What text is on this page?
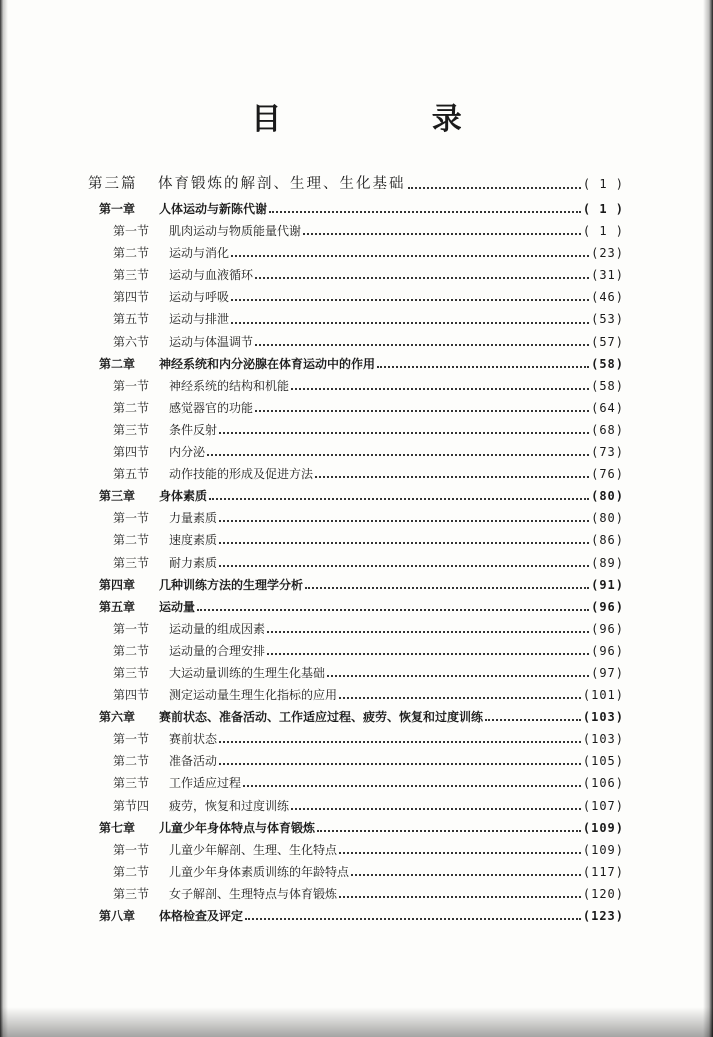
目 录
第三篇	体育锻炼的解剖、生理、生化基础	( 1 )
第一章	人体运动与新陈代谢	( 1 )
第一节	肌肉运动与物质能量代谢	( 1 )
第二节	运动与消化	(23)
第三节	运动与血液循环	(31)
第四节	运动与呼吸	(46)
第五节	运动与排泄	(53)
第六节	运动与体温调节	(57)
第二章	神经系统和内分泌腺在体育运动中的作用	(58)
第一节	神经系统的结构和机能	(58)
第二节	感觉器官的功能	(64)
第三节	条件反射	(68)
第四节	内分泌	(73)
第五节	动作技能的形成及促进方法	(76)
第三章	身体素质	(80)
第一节	力量素质	(80)
第二节	速度素质	(86)
第三节	耐力素质	(89)
第四章	几种训练方法的生理学分析	(91)
第五章	运动量	(96)
第一节	运动量的组成因素	(96)
第二节	运动量的合理安排	(96)
第三节	大运动量训练的生理生化基础	(97)
第四节	测定运动量生理生化指标的应用	(101)
第六章	赛前状态、准备活动、工作适应过程、疲劳、恢复和过度训练	(103)
第一节	赛前状态	(103)
第二节	准备活动	(105)
第三节	工作适应过程	(106)
第节四	疲劳，恢复和过度训练	(107)
第七章	儿童少年身体特点与体育锻炼	(109)
第一节	儿童少年解剖、生理、生化特点	(109)
第二节	儿童少年身体素质训练的年龄特点	(117)
第三节	女子解剖、生理特点与体育锻炼	(120)
第八章	体格检查及评定	(123)
